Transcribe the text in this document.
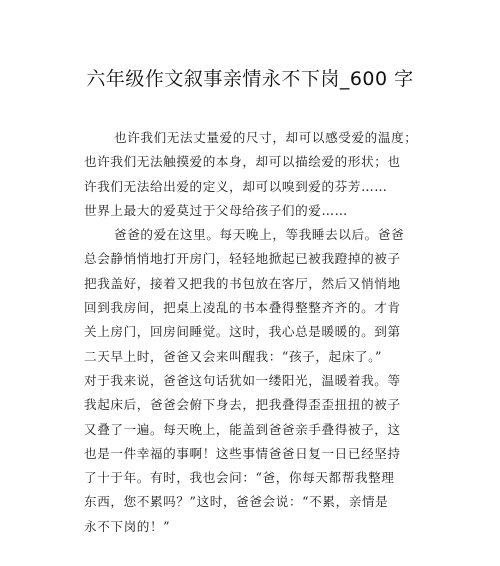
六年级作文叙事亲情永不下岗_600 字
也许我们无法丈量爱的尺寸，却可以感受爱的温度；
也许我们无法触摸爱的本身，却可以描绘爱的形状；也
许我们无法给出爱的定义，却可以嗅到爱的芬芳……
世界上最大的爱莫过于父母给孩子们的爱……
爸爸的爱在这里。每天晚上，等我睡去以后。爸爸
总会静悄悄地打开房门，轻轻地掀起已被我蹬掉的被子
把我盖好，接着又把我的书包放在客厅，然后又悄悄地
回到我房间，把桌上凌乱的书本叠得整整齐齐的。才肯
关上房门，回房间睡觉。这时，我心总是暖暖的。到第
二天早上时，爸爸又会来叫醒我：“孩子，起床了。”
对于我来说，爸爸这句话犹如一缕阳光，温暖着我。等
我起床后，爸爸会俯下身去，把我叠得歪歪扭扭的被子
又叠了一遍。每天晚上，能盖到爸爸亲手叠得被子，这
也是一件幸福的事啊！这些事情爸爸日复一日已经坚持
了十于年。有时，我也会问：“爸，你每天都帮我整理
东西，您不累吗？”这时，爸爸会说：“不累，亲情是
永不下岗的！”
